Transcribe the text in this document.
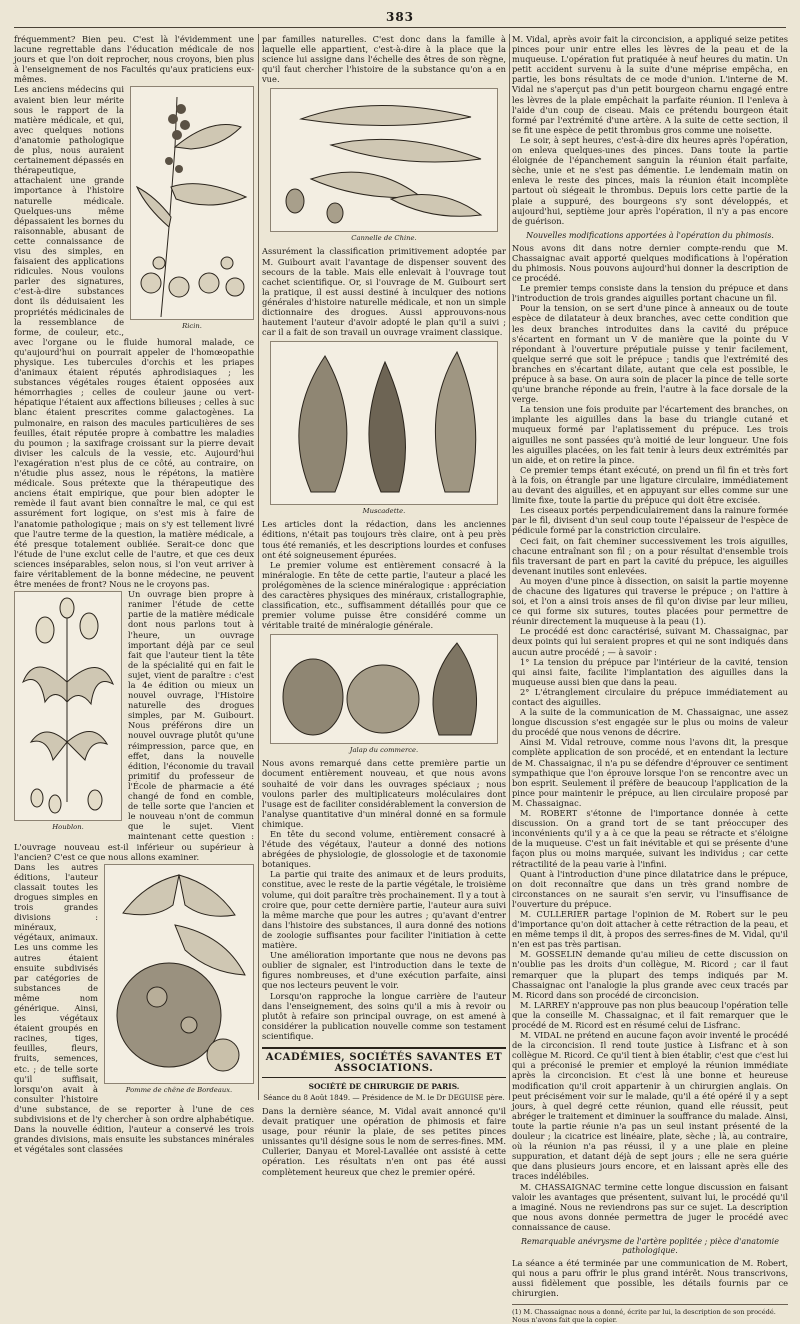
383

fréquemment? Bien peu. C'est là l'évidemment une lacune regrettable dans l'éducation médicale de nos jours et que l'on doit reprocher, nous croyons, bien plus à l'enseignement de nos Facultés qu'aux praticiens eux-mêmes.

Ricin.

Les anciens médecins qui avaient bien leur mérite sous le rapport de la matière médicale, et qui, avec quelques notions d'anatomie pathologique de plus, nous auraient certainement dépassés en thérapeutique, attachaient une grande importance à l'histoire naturelle médicale. Quelques-uns même dépassaient les bornes du raisonnable, abusant de cette connaissance de visu des simples, en faisaient des applications ridicules. Nous voulons parler des signatures, c'est-à-dire substances dont ils déduisaient les propriétés médicinales de la ressemblance de forme, de couleur, etc., avec l'organe ou le fluide humoral malade, ce qu'aujourd'hui on pourrait appeler de l'homœopathie physique. Les tubercules d'orchis et les priapes d'animaux étaient réputés aphrodisiaques ; les substances végétales rouges étaient opposées aux hémorrhagies ; celles de couleur jaune ou vert-hépatique l'étaient aux affections bilieuses ; celles à suc blanc étaient prescrites comme galactogènes. La pulmonaire, en raison des macules particulières de ses feuilles, était réputée propre à combattre les maladies du poumon ; la saxifrage croissant sur la pierre devait diviser les calculs de la vessie, etc. Aujourd'hui l'exagération n'est plus de ce côté, au contraire, on n'étudie plus assez, nous le répétons, la matière médicale. Sous prétexte que la thérapeutique des anciens était empirique, que pour bien adopter le remède il faut avant bien connaître le mal, ce qui est assurément fort logique, on s'est mis à faire de l'anatomie pathologique ; mais on s'y est tellement livré que l'autre terme de la question, la matière médicale, a été presque totalement oubliée. Serait-ce donc que l'étude de l'une exclut celle de l'autre, et que ces deux sciences inséparables, selon nous, si l'on veut arriver à faire véritablement de la bonne médecine, ne peuvent être menées de front? Nous ne le croyons pas.

Houblon.

Un ouvrage bien propre à ranimer l'étude de cette partie de la matière médicale dont nous parlons tout à l'heure, un ouvrage important déjà par ce seul fait que l'auteur tient la tête de la spécialité qui en fait le sujet, vient de paraître : c'est la 4e édition ou mieux un nouvel ouvrage, l'Histoire naturelle des drogues simples, par M. Guibourt. Nous préférons dire un nouvel ouvrage plutôt qu'une réimpression, parce que, en effet, dans la nouvelle édition, l'économie du travail primitif du professeur de l'École de pharmacie a été changé de fond en comble, de telle sorte que l'ancien et le nouveau n'ont de commun que le sujet. Vient maintenant cette question : L'ouvrage nouveau est-il inférieur ou supérieur à l'ancien? C'est ce que nous allons examiner.

Pomme de chêne de Bordeaux.

Dans les autres éditions, l'auteur classait toutes les drogues simples en trois grandes divisions : minéraux, végétaux, animaux. Les uns comme les autres étaient ensuite subdivisés par catégories de substances de même nom générique. Ainsi, les végétaux étaient groupés en racines, tiges, feuilles, fleurs, fruits, semences, etc. ; de telle sorte qu'il suffisait, lorsqu'on avait à consulter l'histoire d'une substance, de se reporter à l'une de ces subdivisions et de l'y chercher à son ordre alphabétique. Dans la nouvelle édition, l'auteur a conservé les trois grandes divisions, mais ensuite les substances minérales et végétales sont classées

par familles naturelles. C'est donc dans la famille à laquelle elle appartient, c'est-à-dire à la place que la science lui assigne dans l'échelle des êtres de son règne, qu'il faut chercher l'histoire de la substance qu'on a en vue.

Cannelle de Chine.

Assurément la classification primitivement adoptée par M. Guibourt avait l'avantage de dispenser souvent des secours de la table. Mais elle enlevait à l'ouvrage tout cachet scientifique. Or, si l'ouvrage de M. Guibourt sert la pratique, il est aussi destiné à inculquer des notions générales d'histoire naturelle médicale, et non un simple dictionnaire des drogues. Aussi approuvons-nous hautement l'auteur d'avoir adopté le plan qu'il a suivi ; car il a fait de son travail un ouvrage vraiment classique.

Muscadette.

Les articles dont la rédaction, dans les anciennes éditions, n'était pas toujours très claire, ont à peu près tous été remaniés, et les descriptions lourdes et confuses ont été soigneusement épurées.

Le premier volume est entièrement consacré à la minéralogie. En tête de cette partie, l'auteur a placé les prolégomènes de la science minéralogique : appréciation des caractères physiques des minéraux, cristallographie, classification, etc., suffisamment détaillés pour que ce premier volume puisse être considéré comme un véritable traité de minéralogie générale.

Jalap du commerce.

Nous avons remarqué dans cette première partie un document entièrement nouveau, et que nous avons souhaité de voir dans les ouvrages spéciaux ; nous voulons parler des multiplicateurs moléculaires dont l'usage est de faciliter considérablement la conversion de l'analyse quantitative d'un minéral donné en sa formule chimique.

En tête du second volume, entièrement consacré à l'étude des végétaux, l'auteur a donné des notions abrégées de physiologie, de glossologie et de taxonomie botaniques.

La partie qui traite des animaux et de leurs produits, constitue, avec le reste de la partie végétale, le troisième volume, qui doit paraître très prochainement. Il y a tout à croire que, pour cette dernière partie, l'auteur aura suivi la même marche que pour les autres ; qu'avant d'entrer dans l'histoire des substances, il aura donné des notions de zoologie suffisantes pour faciliter l'initiation à cette matière.

Une amélioration importante que nous ne devons pas oublier de signaler, est l'introduction dans le texte de figures nombreuses, et d'une exécution parfaite, ainsi que nos lecteurs peuvent le voir.

Lorsqu'on rapproche la longue carrière de l'auteur dans l'enseignement, des soins qu'il a mis à revoir ou plutôt à refaire son principal ouvrage, on est amené à considérer la publication nouvelle comme son testament scientifique.

ACADÉMIES, SOCIÉTÉS SAVANTES ET ASSOCIATIONS.
SOCIÉTÉ DE CHIRURGIE DE PARIS.
Séance du 8 Août 1849. — Présidence de M. le Dr DEGUISE père.

Dans la dernière séance, M. Vidal avait annoncé qu'il devait pratiquer une opération de phimosis et faire usage, pour réunir la plaie, de ses petites pinces unissantes qu'il désigne sous le nom de serres-fines. MM. Cullerier, Danyau et Morel-Lavallée ont assisté à cette opération. Les résultats n'en ont pas été aussi complètement heureux que chez le premier opéré.

M. Vidal, après avoir fait la circoncision, a appliqué seize petites pinces pour unir entre elles les lèvres de la peau et de la muqueuse. L'opération fut pratiquée à neuf heures du matin. Un petit accident survenu à la suite d'une méprise empêcha, en partie, les bons résultats de ce mode d'union. L'interne de M. Vidal ne s'aperçut pas d'un petit bourgeon charnu engagé entre les lèvres de la plaie empêchait la parfaite réunion. Il l'enleva à l'aide d'un coup de ciseau. Mais ce prétendu bourgeon était formé par l'extrémité d'une artère. A la suite de cette section, il se fit une espèce de petit thrombus gros comme une noisette.

Le soir, à sept heures, c'est-à-dire dix heures après l'opération, on enleva quelques-unes des pinces. Dans toute la partie éloignée de l'épanchement sanguin la réunion était parfaite, sèche, unie et ne s'est pas démentie. Le lendemain matin on enleva le reste des pinces, mais la réunion était incomplète partout où siégeait le thrombus. Depuis lors cette partie de la plaie a suppuré, des bourgeons s'y sont développés, et aujourd'hui, septième jour après l'opération, il n'y a pas encore de guérison.

Nouvelles modifications apportées à l'opération du phimosis.

Nous avons dit dans notre dernier compte-rendu que M. Chassaignac avait apporté quelques modifications à l'opération du phimosis. Nous pouvons aujourd'hui donner la description de ce procédé.

Le premier temps consiste dans la tension du prépuce et dans l'introduction de trois grandes aiguilles portant chacune un fil.

Pour la tension, on se sert d'une pince à anneaux ou de toute espèce de dilatateur à deux branches, avec cette condition que les deux branches introduites dans la cavité du prépuce s'écartent en formant un V de manière que la pointe du V répondant à l'ouverture préputiale puisse y tenir facilement, quelque serré que soit le prépuce ; tandis que l'extrémité des branches en s'écartant dilate, autant que cela est possible, le prépuce à sa base. On aura soin de placer la pince de telle sorte qu'une branche réponde au frein, l'autre à la face dorsale de la verge.

La tension une fois produite par l'écartement des branches, on implante les aiguilles dans la base du triangle cutané et muqueux formé par l'aplatissement du prépuce. Les trois aiguilles ne sont passées qu'à moitié de leur longueur. Une fois les aiguilles placées, on les fait tenir à leurs deux extrémités par un aide, et on retire la pince.

Ce premier temps étant exécuté, on prend un fil fin et très fort à la fois, on étrangle par une ligature circulaire, immédiatement au devant des aiguilles, et en appuyant sur elles comme sur une limite fixe, toute la partie du prépuce qui doit être excisée.

Les ciseaux portés perpendiculairement dans la rainure formée par le fil, divisent d'un seul coup toute l'épaisseur de l'espèce de pédicule formé par la constriction circulaire.

Ceci fait, on fait cheminer successivement les trois aiguilles, chacune entraînant son fil ; on a pour résultat d'ensemble trois fils traversant de part en part la cavité du prépuce, les aiguilles devenant inutiles sont enlevées.

Au moyen d'une pince à dissection, on saisit la partie moyenne de chacune des ligatures qui traverse le prépuce ; on l'attire à soi, et l'on a ainsi trois anses de fil qu'on divise par leur milieu, ce qui forme six sutures, toutes placées pour permettre de réunir directement la muqueuse à la peau (1).

Le procédé est donc caractérisé, suivant M. Chassaignac, par deux points qui lui seraient propres et qui ne sont indiqués dans aucun autre procédé ; — à savoir :

1° La tension du prépuce par l'intérieur de la cavité, tension qui ainsi faite, facilite l'implantation des aiguilles dans la muqueuse aussi bien que dans la peau.

2° L'étranglement circulaire du prépuce immédiatement au contact des aiguilles.

A la suite de la communication de M. Chassaignac, une assez longue discussion s'est engagée sur le plus ou moins de valeur du procédé que nous venons de décrire.

Ainsi M. Vidal retrouve, comme nous l'avons dit, la presque complète application de son procédé, et en entendant la lecture de M. Chassaignac, il n'a pu se défendre d'éprouver ce sentiment sympathique que l'on éprouve lorsque l'on se rencontre avec un bon esprit. Seulement il préfère de beaucoup l'application de la pince pour maintenir le prépuce, au lien circulaire proposé par M. Chassaignac.

M. ROBERT s'étonne de l'importance donnée à cette discussion. On a grand tort de se tant préoccuper des inconvénients qu'il y a à ce que la peau se rétracte et s'éloigne de la muqueuse. C'est un fait inévitable et qui se présente d'une façon plus ou moins marquée, suivant les individus ; car cette rétractilité de la peau varie à l'infini.

Quant à l'introduction d'une pince dilatatrice dans le prépuce, on doit reconnaître que dans un très grand nombre de circonstances on ne saurait s'en servir, vu l'insuffisance de l'ouverture du prépuce.

M. CULLERIER partage l'opinion de M. Robert sur le peu d'importance qu'on doit attacher à cette rétraction de la peau, et en même temps il dit, à propos des serres-fines de M. Vidal, qu'il n'en est pas très partisan.

M. GOSSELIN demande qu'au milieu de cette discussion on n'oublie pas les droits d'un collègue, M. Ricord ; car il faut remarquer que la plupart des temps indiqués par M. Chassaignac ont l'analogie la plus grande avec ceux tracés par M. Ricord dans son procédé de circoncision.

M. LARREY n'approuve pas non plus beaucoup l'opération telle que la conseille M. Chassaignac, et il fait remarquer que le procédé de M. Ricord est en résumé celui de Lisfranc.

M. VIDAL ne prétend en aucune façon avoir inventé le procédé de la circoncision. Il rend toute justice à Lisfranc et à son collègue M. Ricord. Ce qu'il tient à bien établir, c'est que c'est lui qui a préconisé le premier et employé la réunion immédiate après la circoncision. Et c'est là une bonne et heureuse modification qu'il croit appartenir à un chirurgien anglais. On peut précisément voir sur le malade, qu'il a été opéré il y a sept jours, à quel degré cette réunion, quand elle réussit, peut abréger le traitement et diminuer la souffrance du malade. Ainsi, toute la partie réunie n'a pas un seul instant présenté de la douleur ; la cicatrice est linéaire, plate, sèche ; là, au contraire, où la réunion n'a pas réussi, il y a une plaie en pleine suppuration, et datant déjà de sept jours ; elle ne sera guérie que dans plusieurs jours encore, et en laissant après elle des traces indélébiles.

M. CHASSAIGNAC termine cette longue discussion en faisant valoir les avantages que présentent, suivant lui, le procédé qu'il a imaginé. Nous ne reviendrons pas sur ce sujet. La description que nous avons donnée permettra de juger le procédé avec connaissance de cause.

Remarquable anévrysme de l'artère poplitée ; pièce d'anatomie pathologique.

La séance a été terminée par une communication de M. Robert, qui nous a paru offrir le plus grand intérêt. Nous transcrivons, aussi fidèlement que possible, les détails fournis par ce chirurgien.

(1) M. Chassaignac nous a donné, écrite par lui, la description de son procédé. Nous n'avons fait que la copier.
